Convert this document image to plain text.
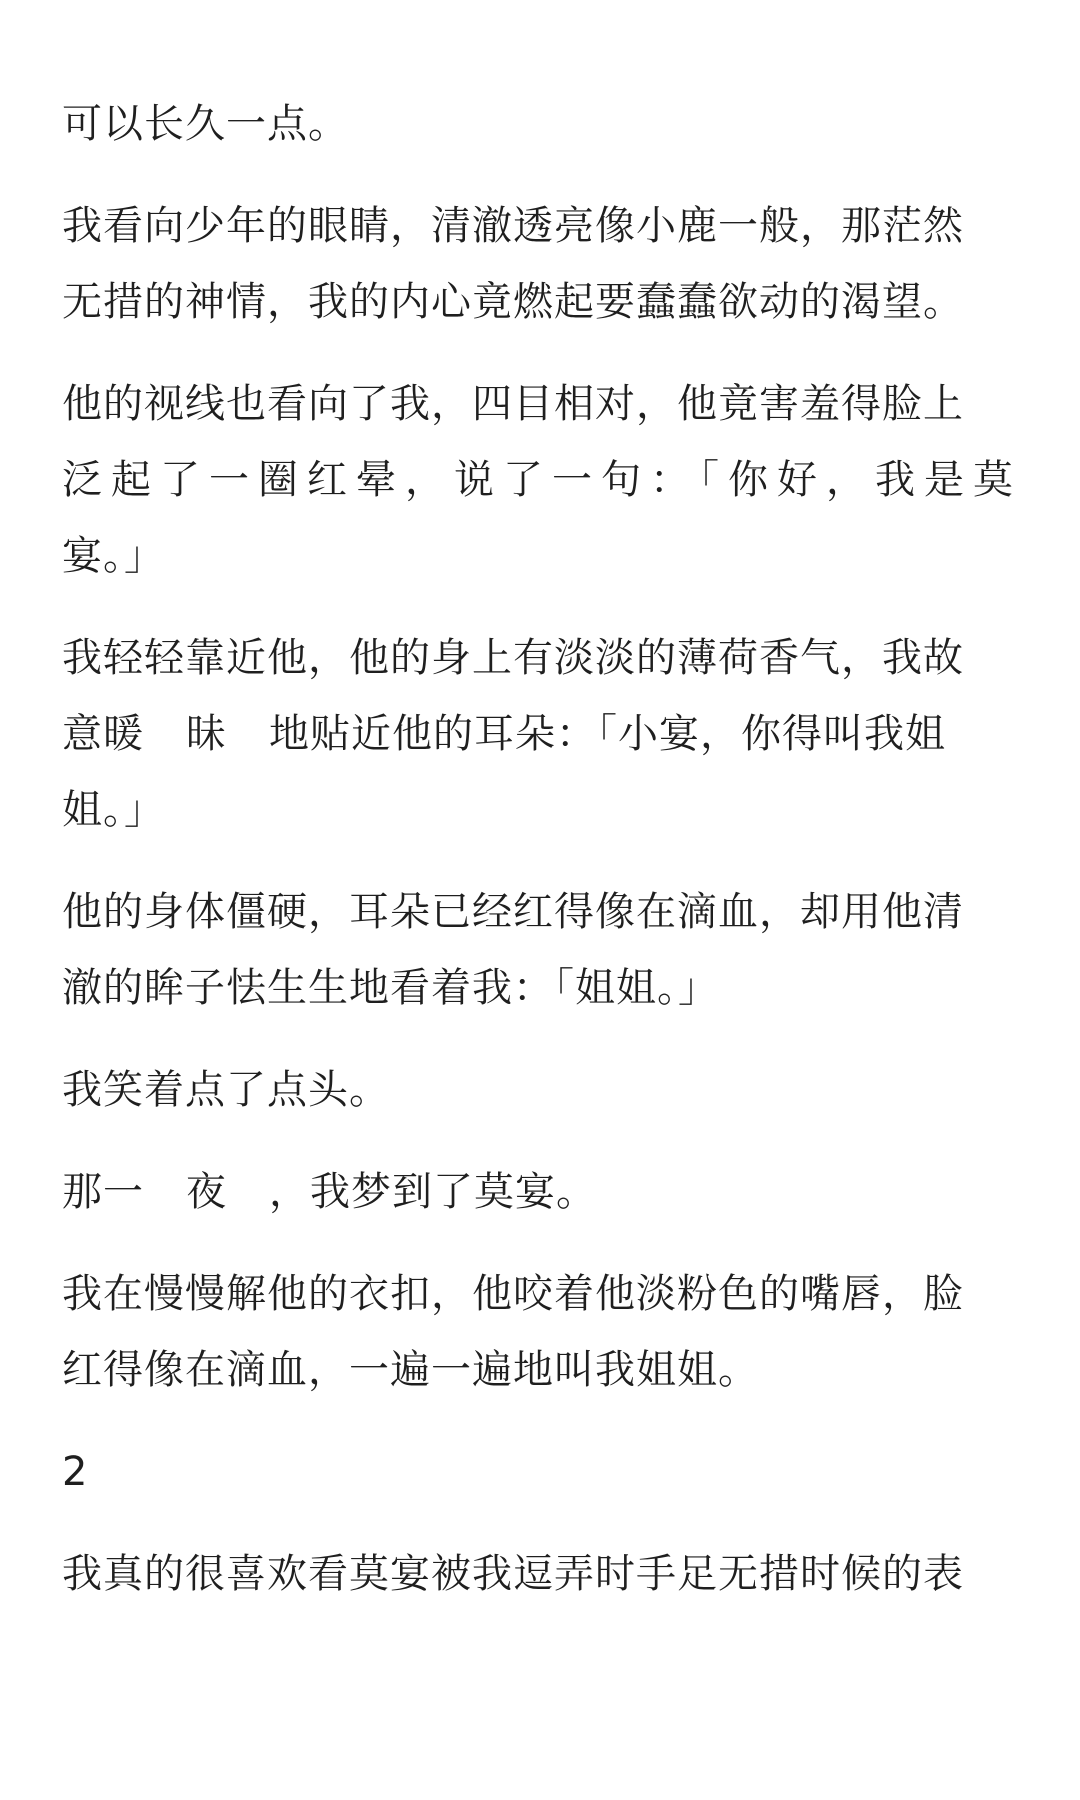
可以长久一点。

我看向少年的眼睛，清澈透亮像小鹿一般，那茫然
无措的神情，我的内心竟燃起要蠢蠢欲动的渴望。

他的视线也看向了我，四目相对，他竟害羞得脸上
泛起了一圈红晕，说了一句：「你好，我是莫
宴。」

我轻轻靠近他，他的身上有淡淡的薄荷香气，我故
意暖 昧 地贴近他的耳朵：「小宴，你得叫我姐
姐。」

他的身体僵硬，耳朵已经红得像在滴血，却用他清
澈的眸子怯生生地看着我：「姐姐。」

我笑着点了点头。

那一 夜 ，我梦到了莫宴。

我在慢慢解他的衣扣，他咬着他淡粉色的嘴唇，脸
红得像在滴血，一遍一遍地叫我姐姐。

2

我真的很喜欢看莫宴被我逗弄时手足无措时候的表
